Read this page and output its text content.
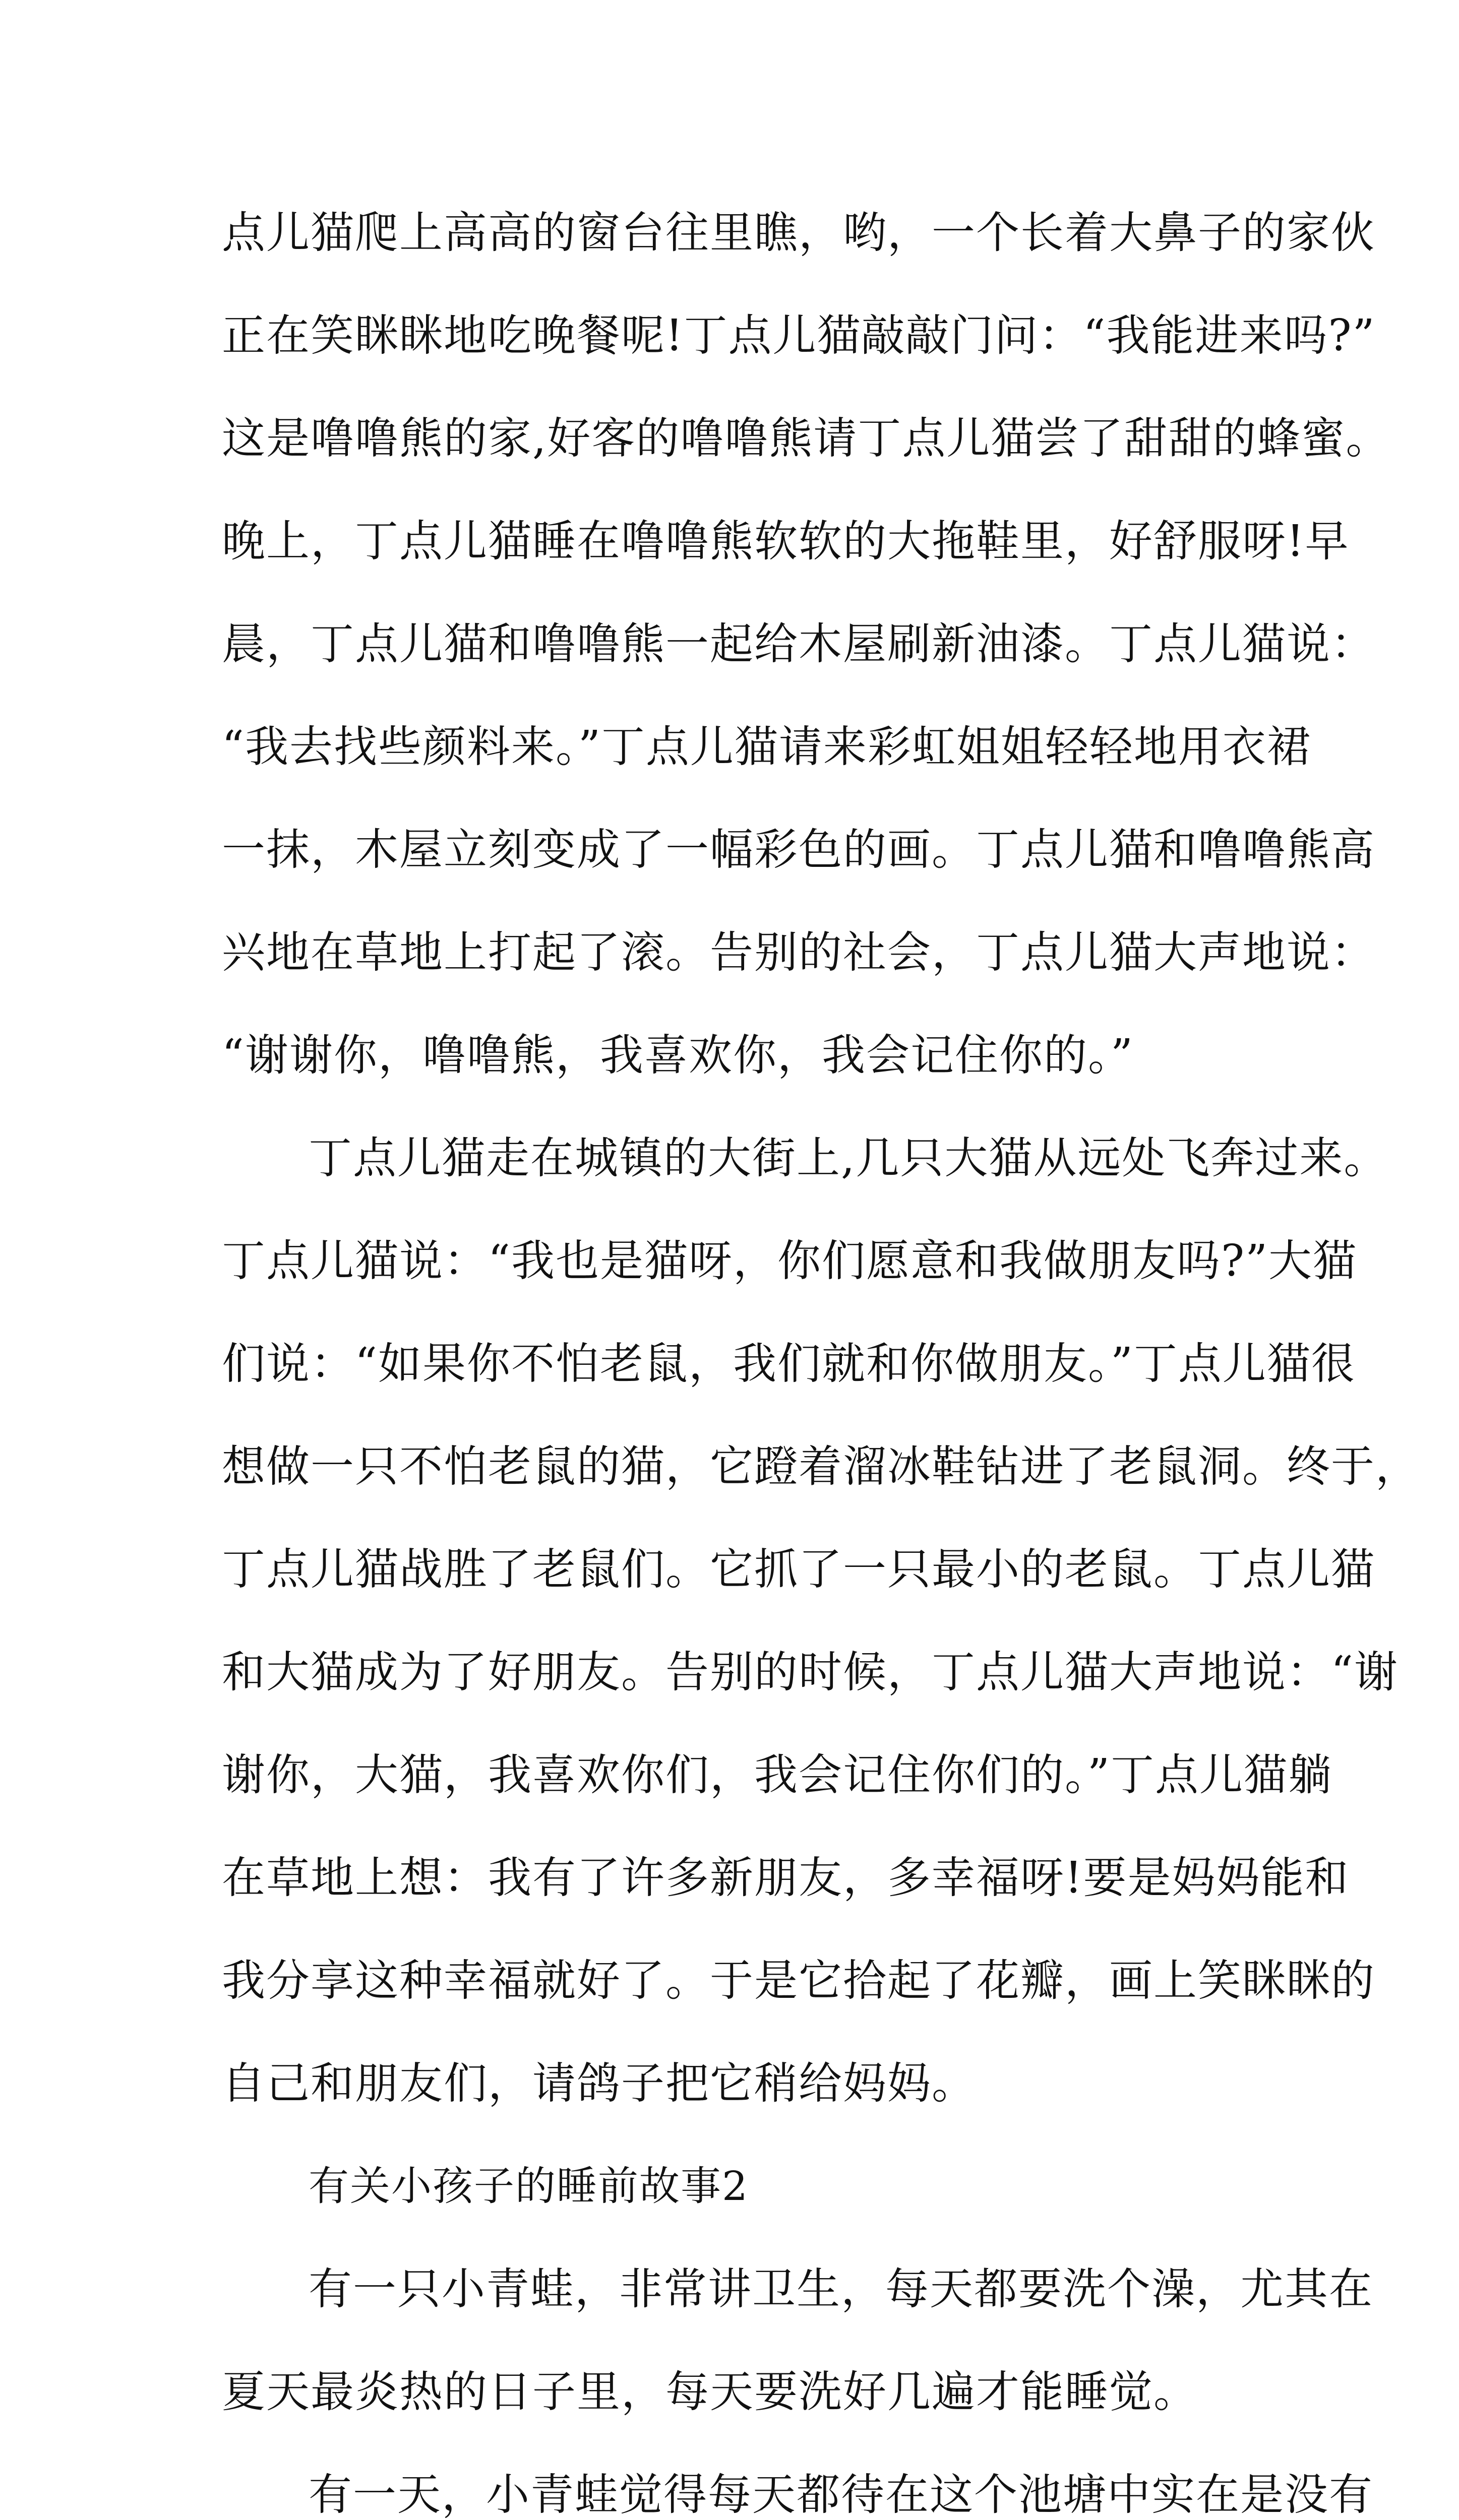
点儿猫爬上高高的窗台往里瞧，哟，一个长着大鼻子的家伙
正在笑眯眯地吃晚餐呢!丁点儿猫敲敲门问：“我能进来吗?”
这是噜噜熊的家,好客的噜噜熊请丁点儿猫尝了甜甜的蜂蜜。
晚上，丁点儿猫睡在噜噜熊软软的大拖鞋里，好舒服呀!早
晨，丁点儿猫和噜噜熊一起给木屋刷新油漆。丁点儿猫说：
“我去找些颜料来。”丁点儿猫请来彩虹姐姐轻轻地用衣裙
一抹，木屋立刻变成了一幅彩色的画。丁点儿猫和噜噜熊高
兴地在草地上打起了滚。告别的社会，丁点儿猫大声地说：
“谢谢你，噜噜熊，我喜欢你，我会记住你的。”
丁点儿猫走在城镇的大街上,几只大猫从远处飞奔过来。
丁点儿猫说：“我也是猫呀，你们愿意和我做朋友吗?”大猫
们说：“如果你不怕老鼠，我们就和你做朋友。”丁点儿猫很
想做一只不怕老鼠的猫，它蹬着溜冰鞋钻进了老鼠洞。终于，
丁点儿猫战胜了老鼠们。它抓了一只最小的老鼠。丁点儿猫
和大猫成为了好朋友。告别的时候，丁点儿猫大声地说：“谢
谢你，大猫，我喜欢你们，我会记住你们的。”丁点儿猫躺
在草地上想：我有了许多新朋友，多幸福呀!要是妈妈能和
我分享这种幸福就好了。于是它拾起了花瓣，画上笑眯眯的
自己和朋友们，请鸽子把它稍给妈妈。
有关小孩子的睡前故事2
有一只小青蛙，非常讲卫生，每天都要洗个澡，尤其在
夏天最炎热的日子里，每天要洗好几遍才能睡觉。
有一天，小青蛙觉得每天都待在这个池塘中实在是没有
